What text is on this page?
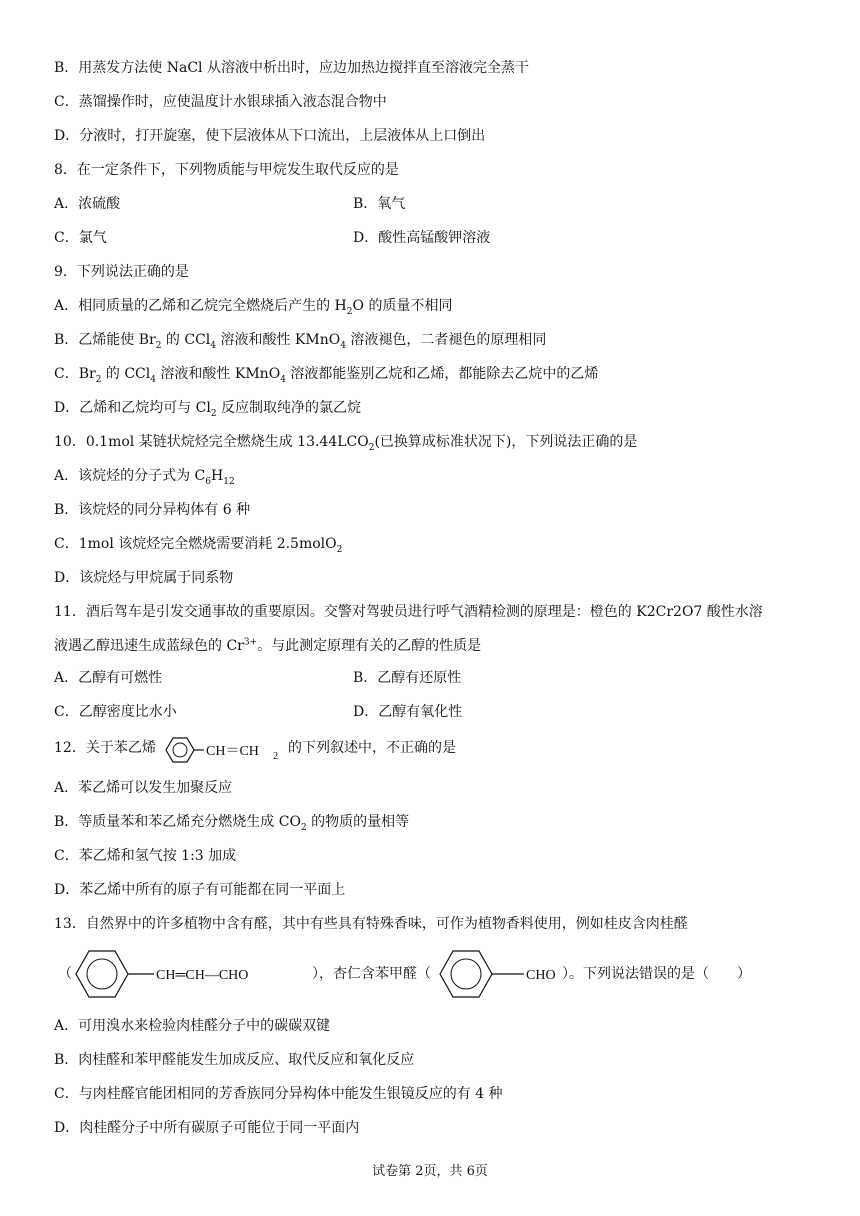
B．用蒸发方法使 NaCl 从溶液中析出时，应边加热边搅拌直至溶液完全蒸干
C．蒸馏操作时，应使温度计水银球插入液态混合物中
D．分液时，打开旋塞，使下层液体从下口流出，上层液体从上口倒出
8．在一定条件下，下列物质能与甲烷发生取代反应的是
A．浓硫酸	B．氧气
C．氯气	D．酸性高锰酸钾溶液
9．下列说法正确的是
A．相同质量的乙烯和乙烷完全燃烧后产生的 $H_2O$ 的质量不相同
B．乙烯能使 $Br_2$ 的 CCl$_4$ 溶液和酸性 KMnO$_4$ 溶液褪色，二者褪色的原理相同
C．$Br_2$ 的 CCl$_4$ 溶液和酸性 KMnO$_4$ 溶液都能鉴别乙烷和乙烯，都能除去乙烷中的乙烯
D．乙烯和乙烷均可与 $Cl_2$ 反应制取纯净的氯乙烷
10．0.1mol 某链状烷烃完全燃烧生成 $13.44LCO_2$(已换算成标准状况下)，下列说法正确的是
A．该烷烃的分子式为 $C_6H_{12}$
B．该烷烃的同分异构体有 6 种
C．1mol 该烷烃完全燃烧需要消耗 2.5molO$_2$
D．该烷烃与甲烷属于同系物
11．酒后驾车是引发交通事故的重要原因。交警对驾驶员进行呼气酒精检测的原理是：橙色的 K2Cr2O7 酸性水溶
液遇乙醇迅速生成蓝绿色的 $Cr^{3+}$。与此测定原理有关的乙醇的性质是
A．乙醇有可燃性	B．乙醇有还原性
C．乙醇密度比水小	D．乙醇有氧化性
12．关于苯乙烯	CH＝CH 2
的下列叙述中，不正确的是
A．苯乙烯可以发生加聚反应
B．等质量苯和苯乙烯充分燃烧生成 $CO_2$ 的物质的量相等
C．苯乙烯和氢气按 1:3 加成
D．苯乙烯中所有的原子有可能都在同一平面上
13．自然界中的许多植物中含有醛，其中有些具有特殊香味，可作为植物香料使用，例如桂皮含肉桂醛
（	CH═CH—CHO	），杏仁含苯甲醛（	CHO ）。下列说法错误的是（　　）
A．可用溴水来检验肉桂醛分子中的碳碳双键
B．肉桂醛和苯甲醛能发生加成反应、取代反应和氧化反应
C．与肉桂醛官能团相同的芳香族同分异构体中能发生银镜反应的有 4 种
D．肉桂醛分子中所有碳原子可能位于同一平面内
试卷第 2页，共 6页
